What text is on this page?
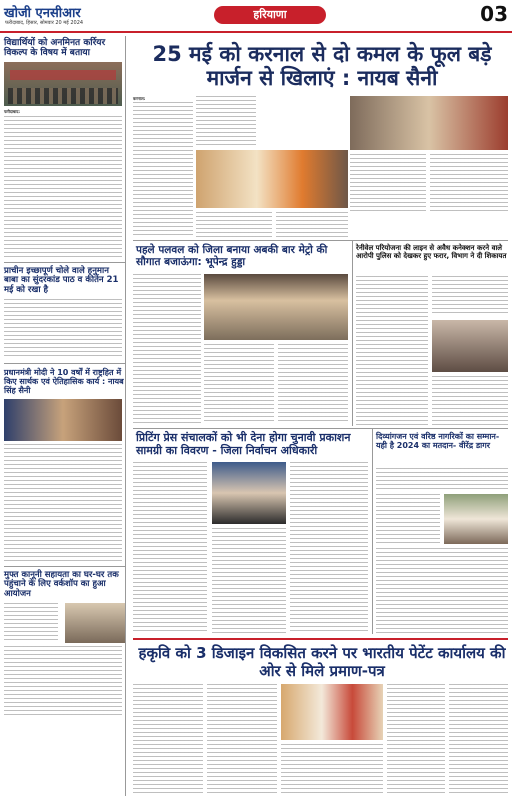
खोजी एनसीआर
फरीदाबाद, हिसार, सोमवार 20 मई 2024
हरियाणा	03
विद्यार्थियों को अनमिनत कर्रियर विकल्प के विषय में बताया
फरीदाबाद:
प्राचीन इच्छापूर्ण चोले वाले हनुमान बाबा का सुंदरकांड पाठ व कीर्तन 21 मई को रखा है
प्रधानमंत्री मोदी ने 10 वर्षों में राष्ट्रहित में किए सार्थक एवं ऐतिहासिक कार्य : नायब सिंह सैनी
मुफ्त कानूनी सहायता का घर-घर तक पहुंचाने के लिए वर्कशॉप का हुआ आयोजन
25 मई को करनाल से दो कमल के फूल बड़े मार्जन से खिलाएं : नायब सैनी
करनाल:
पहले पलवल को जिला बनाया अबकी बार मेट्रो की सौगात बजाऊंगा: भूपेन्द्र हुड्डा
रेनीवेल परियोजना की लाइन से अवैध कनेक्शन करने वाले आरोपी पुलिस को देखकर हुए फरार, विभाग ने दी शिकायत
प्रिटिंग प्रेस संचालकों को भी देना होगा चुनावी प्रकाशन सामग्री का विवरण - जिला निर्वाचन अधिकारी
दिव्यांगजन एवं वरिष्ठ नागरिकों का सम्मान- यही है 2024 का मतदान- वीरेंद्र डागर
हकृवि को 3 डिजाइन विकसित करने पर भारतीय पेटेंट कार्यालय की ओर से मिले प्रमाण-पत्र
